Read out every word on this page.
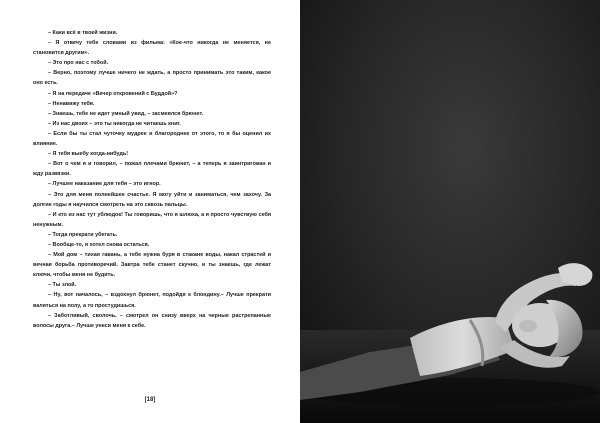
– Каки всё в твоей жизни.

– Я отвечу тебе словами из фильма: «Кое-что никогда не меняется, не становится другим».

– Это про нас с тобой.

– Верно, поэтому лучше ничего не ждать, а просто принимать это таким, какое оно есть.

– Я на передаче «Вечер откровений с Буддой»?

– Ненавижу тебя.

– Знаешь, тебе не идет умный увид, – засмеялся брюнет.

– Из нас двоих – это ты никогда не читаешь книг.

– Если бы ты стал чуточку мудрее и благороднее от этого, то я бы оценил их влияние.

– Я тебя выебу когда-нибудь!

– Вот о чем я и говорил, – пожал плечами брюнет, – а теперь я заинтригован и жду развязки.

– Лучшее наказание для тебя – это игнор.

– Это для меня полнейшее счастье. Я могу уйти и заниматься, чем захочу. За долгие годы я научился смотреть на это сквозь пальцы.

– И кто из нас тут ублюдок! Ты говоришь, что я шлюха, а я просто чувствую себя ненужным.

– Тогда прекрати убегать.

– Вообще-то, я хотел снова остаться.

– Мой дом – тихая гавань, а тебе нужна буря в стакане воды, накал страстей и вечная борьба противоречий. Завтра тебе станет скучно, и ты знаешь, где лежат ключи, чтобы меня не будить.

– Ты злой.

– Ну, вот началось, – вздохнул брюнет, подойдя к блондину.– Лучше прекрати валяться на полу, а то простудишься.

– Заботливый, сволочь, – смотрел он снизу вверх на черные растрепанные волосы друга.– Лучше унеси меня к себе.

[18]
